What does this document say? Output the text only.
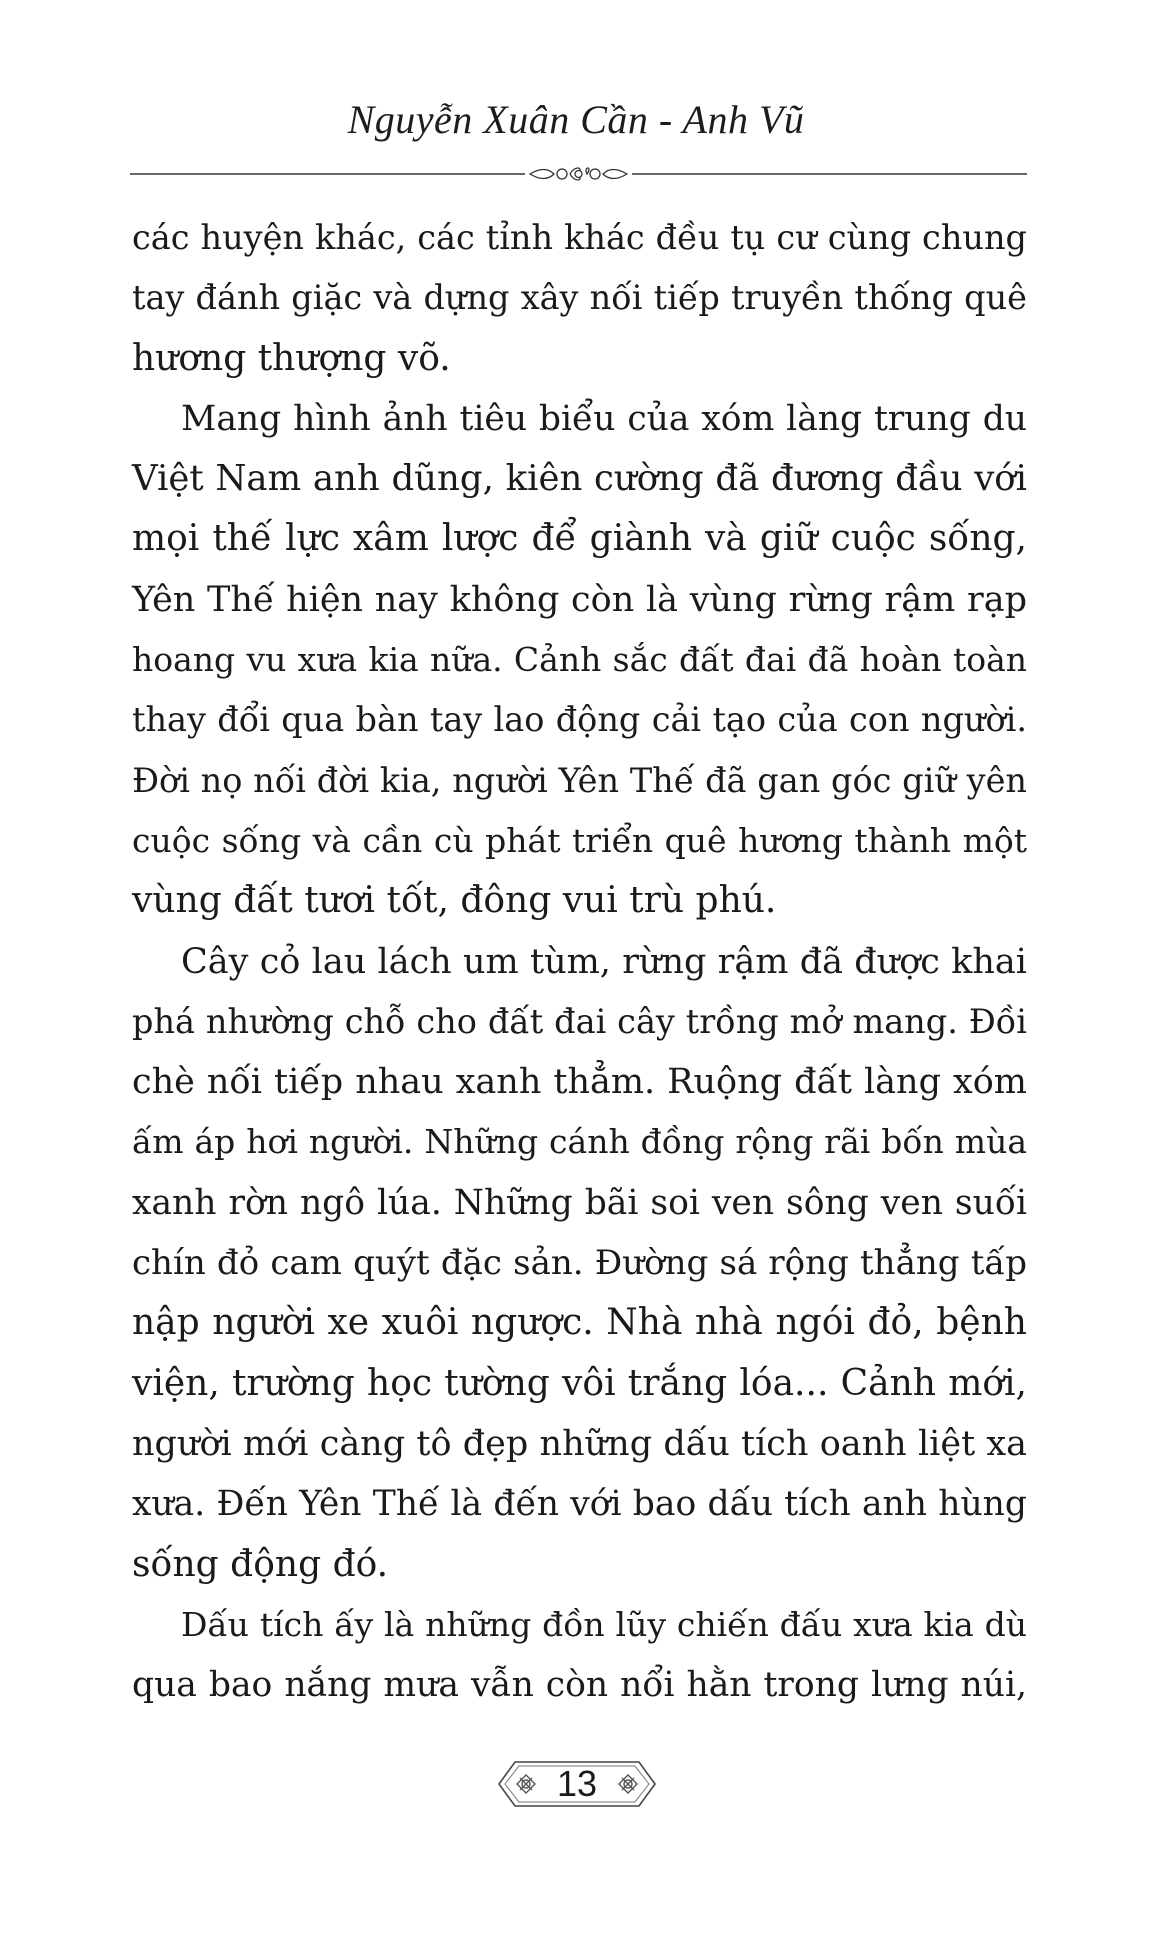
Nguyễn Xuân Cần - Anh Vũ
các huyện khác, các tỉnh khác đều tụ cư cùng chung
tay đánh giặc và dựng xây nối tiếp truyền thống quê
hương thượng võ.
Mang hình ảnh tiêu biểu của xóm làng trung du
Việt Nam anh dũng, kiên cường đã đương đầu với
mọi thế lực xâm lược để giành và giữ cuộc sống,
Yên Thế hiện nay không còn là vùng rừng rậm rạp
hoang vu xưa kia nữa. Cảnh sắc đất đai đã hoàn toàn
thay đổi qua bàn tay lao động cải tạo của con người.
Đời nọ nối đời kia, người Yên Thế đã gan góc giữ yên
cuộc sống và cần cù phát triển quê hương thành một
vùng đất tươi tốt, đông vui trù phú.
Cây cỏ lau lách um tùm, rừng rậm đã được khai
phá nhường chỗ cho đất đai cây trồng mở mang. Đồi
chè nối tiếp nhau xanh thẳm. Ruộng đất làng xóm
ấm áp hơi người. Những cánh đồng rộng rãi bốn mùa
xanh rờn ngô lúa. Những bãi soi ven sông ven suối
chín đỏ cam quýt đặc sản. Đường sá rộng thẳng tấp
nập người xe xuôi ngược. Nhà nhà ngói đỏ, bệnh
viện, trường học tường vôi trắng lóa... Cảnh mới,
người mới càng tô đẹp những dấu tích oanh liệt xa
xưa. Đến Yên Thế là đến với bao dấu tích anh hùng
sống động đó.
Dấu tích ấy là những đồn lũy chiến đấu xưa kia dù
qua bao nắng mưa vẫn còn nổi hằn trong lưng núi,
13
